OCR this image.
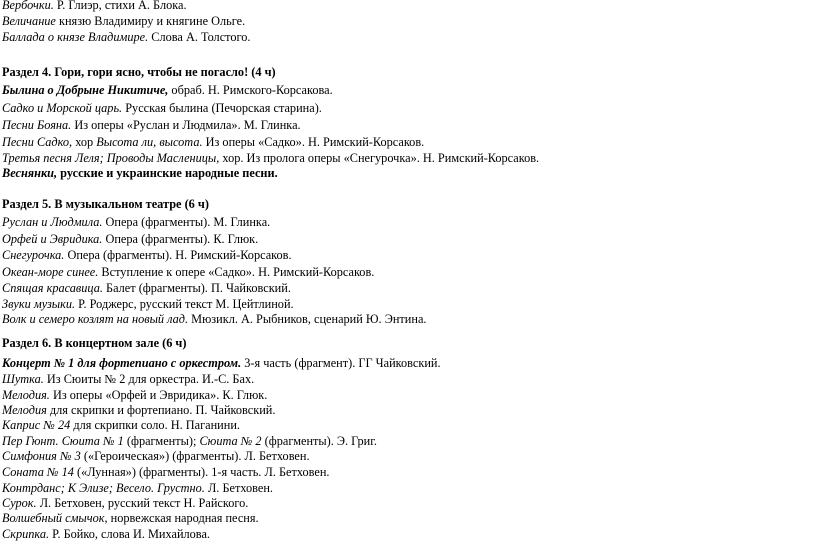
Вербочки. Р. Глиэр, стихи А. Блока.
Величание князю Владимиру и княгине Ольге.
Баллада о князе Владимире. Слова А. Толстого.
Раздел 4. Гори, гори ясно, чтобы не погасло! (4 ч)
Былина о Добрыне Никитиче, обраб. Н. Римского-Корсакова.
Садко и Морской царь. Русская былина (Печорская старина).
Песни Бояна. Из оперы «Руслан и Людмила». М. Глинка.
Песни Садко, хор Высота ли, высота. Из оперы «Садко». Н. Римский-Корсаков.
Третья песня Леля; Проводы Масленицы, хор. Из пролога оперы «Снегурочка». Н. Римский-Корсаков.
Веснянки, русские и украинские народные песни.
Раздел 5. В музыкальном театре (6 ч)
Руслан и Людмила. Опера (фрагменты). М. Глинка.
Орфей и Эвридика. Опера (фрагменты). К. Глюк.
Снегурочка. Опера (фрагменты). Н. Римский-Корсаков.
Океан-море синее. Вступление к опере «Садко». Н. Римский-Корсаков.
Спящая красавица. Балет (фрагменты). П. Чайковский.
Звуки музыки. Р. Роджерс, русский текст М. Цейтлиной.
Волк и семеро козлят на новый лад. Мюзикл. А. Рыбников, сценарий Ю. Энтина.
Раздел 6. В концертном зале (6 ч)
Концерт № 1 для фортепиано с оркестром. 3-я часть (фрагмент). ГГ Чайковский.
Шутка. Из Сюиты № 2 для оркестра. И.-С. Бах.
Мелодия. Из оперы «Орфей и Эвридика». К. Глюк.
Мелодия для скрипки и фортепиано. П. Чайковский.
Каприс № 24 для скрипки соло. Н. Паганини.
Пер Гюнт. Сюита № 1 (фрагменты); Сюита № 2 (фрагменты). Э. Григ.
Симфония № 3 («Героическая») (фрагменты). Л. Бетховен.
Соната № 14 («Лунная») (фрагменты). 1-я часть. Л. Бетховен.
Контрданс; К Элизе; Весело. Грустно. Л. Бетховен.
Сурок. Л. Бетховен, русский текст Н. Райского.
Волшебный смычок, норвежская народная песня.
Скрипка. Р. Бойко, слова И. Михайлова.
